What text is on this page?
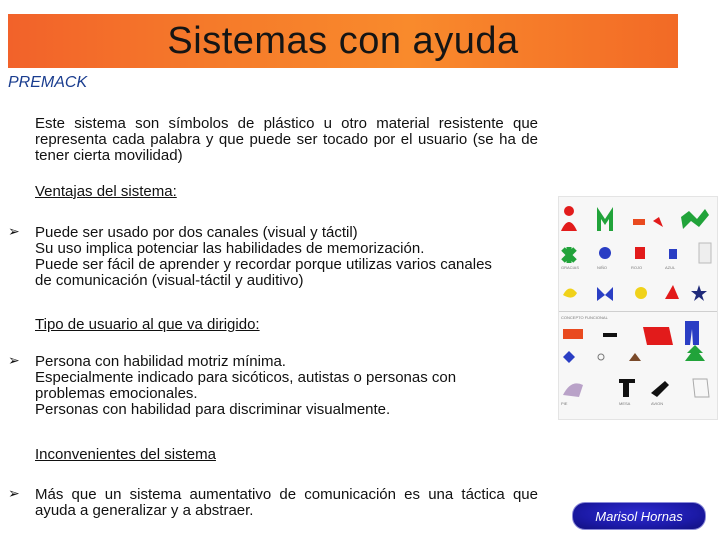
Sistemas con ayuda
PREMACK
Este sistema son símbolos de plástico u otro material resistente que representa cada palabra y que puede ser tocado por el usuario (se ha de tener cierta movilidad)
Ventajas del sistema:
➢ Puede ser usado por dos canales (visual y táctil)
Su uso implica potenciar las habilidades de memorización.
Puede ser fácil de aprender y recordar porque utilizas varios canales de comunicación (visual-táctil y auditivo)
Tipo de usuario al que va dirigido:
➢ Persona con habilidad motriz mínima.
Especialmente indicado para sicóticos, autistas o personas con problemas emocionales.
Personas con habilidad para discriminar visualmente.
Inconvenientes del sistema
➢ Más que un sistema aumentativo de comunicación es una táctica que ayuda a generalizar y a abstraer.
GRACIAS	NIÑO	ROJO	AZUL
CONCEPTO FUNCIONAL
PIE	MESA	AVION
Marisol Hornas
